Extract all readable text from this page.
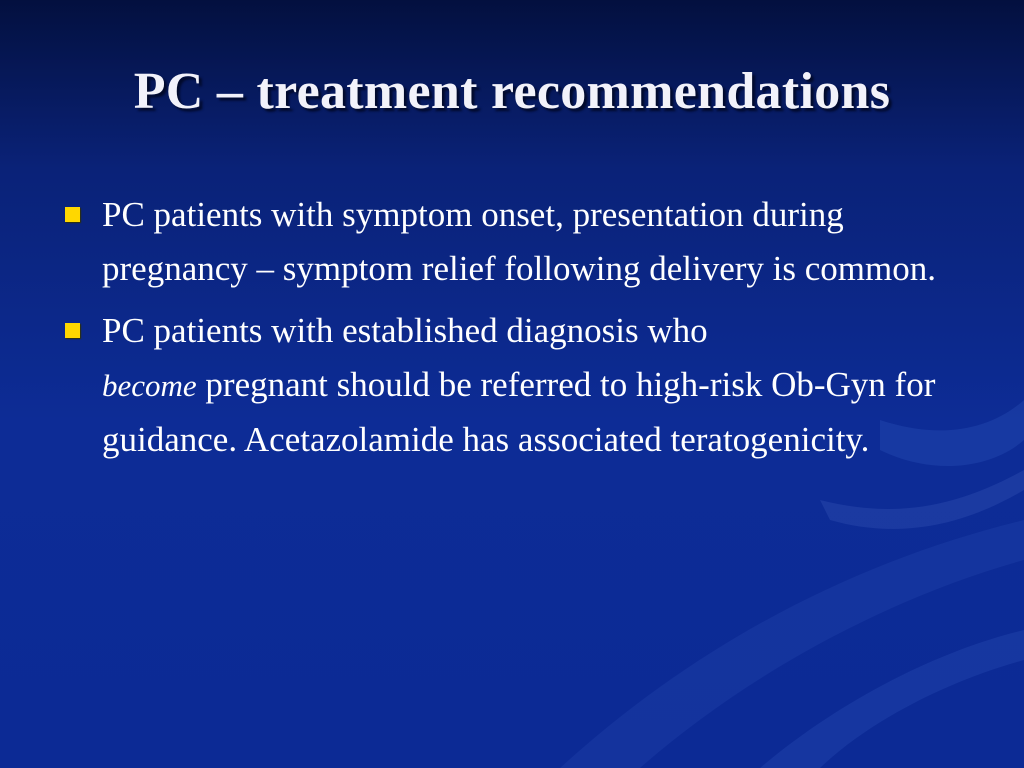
PC – treatment recommendations
PC patients with symptom onset, presentation during pregnancy – symptom relief following delivery is common.
PC patients with established diagnosis who
become pregnant should be referred to high-risk Ob-Gyn for guidance. Acetazolamide has associated teratogenicity.
